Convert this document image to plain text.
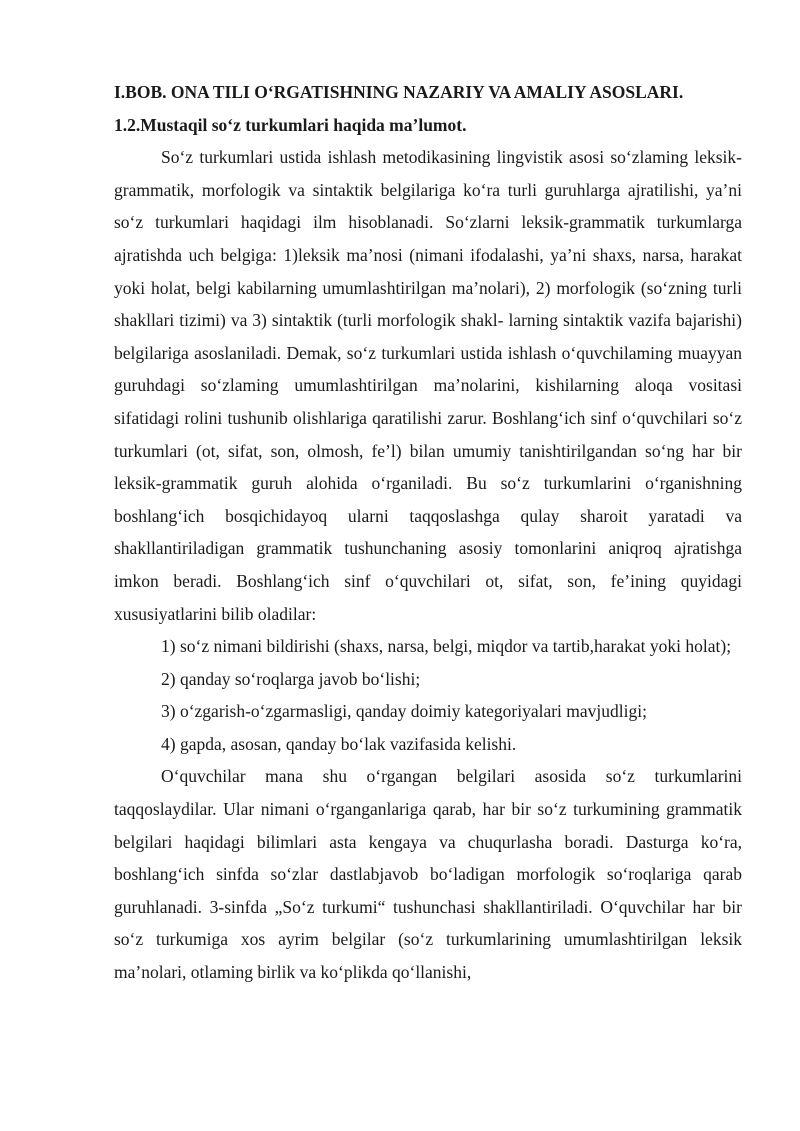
I.BOB. ONA TILI O‘RGATISHNING NAZARIY VA AMALIY ASOSLARI.

1.2.Mustaqil so‘z turkumlari haqida ma’lumot.

So‘z turkumlari ustida ishlash metodikasining lingvistik asosi so‘zlaming leksik-grammatik, morfologik va sintaktik belgilariga ko‘ra turli guruhlarga ajratilishi, ya’ni so‘z turkumlari haqidagi ilm hisoblanadi. So‘zlarni leksik-grammatik turkumlarga ajratishda uch belgiga: 1)leksik ma’nosi (nimani ifodalashi, ya’ni shaxs, narsa, harakat yoki holat, belgi kabilarning umumlashtirilgan ma’nolari), 2) morfologik (so‘zning turli shakllari tizimi) va 3) sintaktik (turli morfologik shakl- larning sintaktik vazifa bajarishi) belgilariga asoslaniladi. Demak, so‘z turkumlari ustida ishlash o‘quvchilaming muayyan guruhdagi so‘zlaming umumlashtirilgan ma’nolarini, kishilarning aloqa vositasi sifatidagi rolini tushunib olishlariga qaratilishi zarur. Boshlang‘ich sinf o‘quvchilari so‘z turkumlari (ot, sifat, son, olmosh, fe’l) bilan umumiy tanishtirilgandan so‘ng har bir leksik-grammatik guruh alohida o‘rganiladi. Bu so‘z turkumlarini o‘rganishning boshlang‘ich bosqichidayoq ularni taqqoslashga qulay sharoit yaratadi va shakllantiriladigan grammatik tushunchaning asosiy tomonlarini aniqroq ajratishga imkon beradi. Boshlang‘ich sinf o‘quvchilari ot, sifat, son, fe’ining quyidagi xususiyatlarini bilib oladilar:

1) so‘z nimani bildirishi (shaxs, narsa, belgi, miqdor va tartib,harakat yoki holat);

2) qanday so‘roqlarga javob bo‘lishi;

3) o‘zgarish-o‘zgarmasligi, qanday doimiy kategoriyalari mavjudligi;

4) gapda, asosan, qanday bo‘lak vazifasida kelishi.

O‘quvchilar mana shu o‘rgangan belgilari asosida so‘z turkumlarini taqqoslaydilar. Ular nimani o‘rganganlariga qarab, har bir so‘z turkumining grammatik belgilari haqidagi bilimlari asta kengaya va chuqurlasha boradi. Dasturga ko‘ra, boshlang‘ich sinfda so‘zlar dastlabjavob bo‘ladigan morfologik so‘roqlariga qarab guruhlanadi. 3-sinfda „So‘z turkumi“ tushunchasi shakllantiriladi. O‘quvchilar har bir so‘z turkumiga xos ayrim belgilar (so‘z turkumlarining umumlashtirilgan leksik ma’nolari, otlaming birlik va ko‘plikda qo‘llanishi,
